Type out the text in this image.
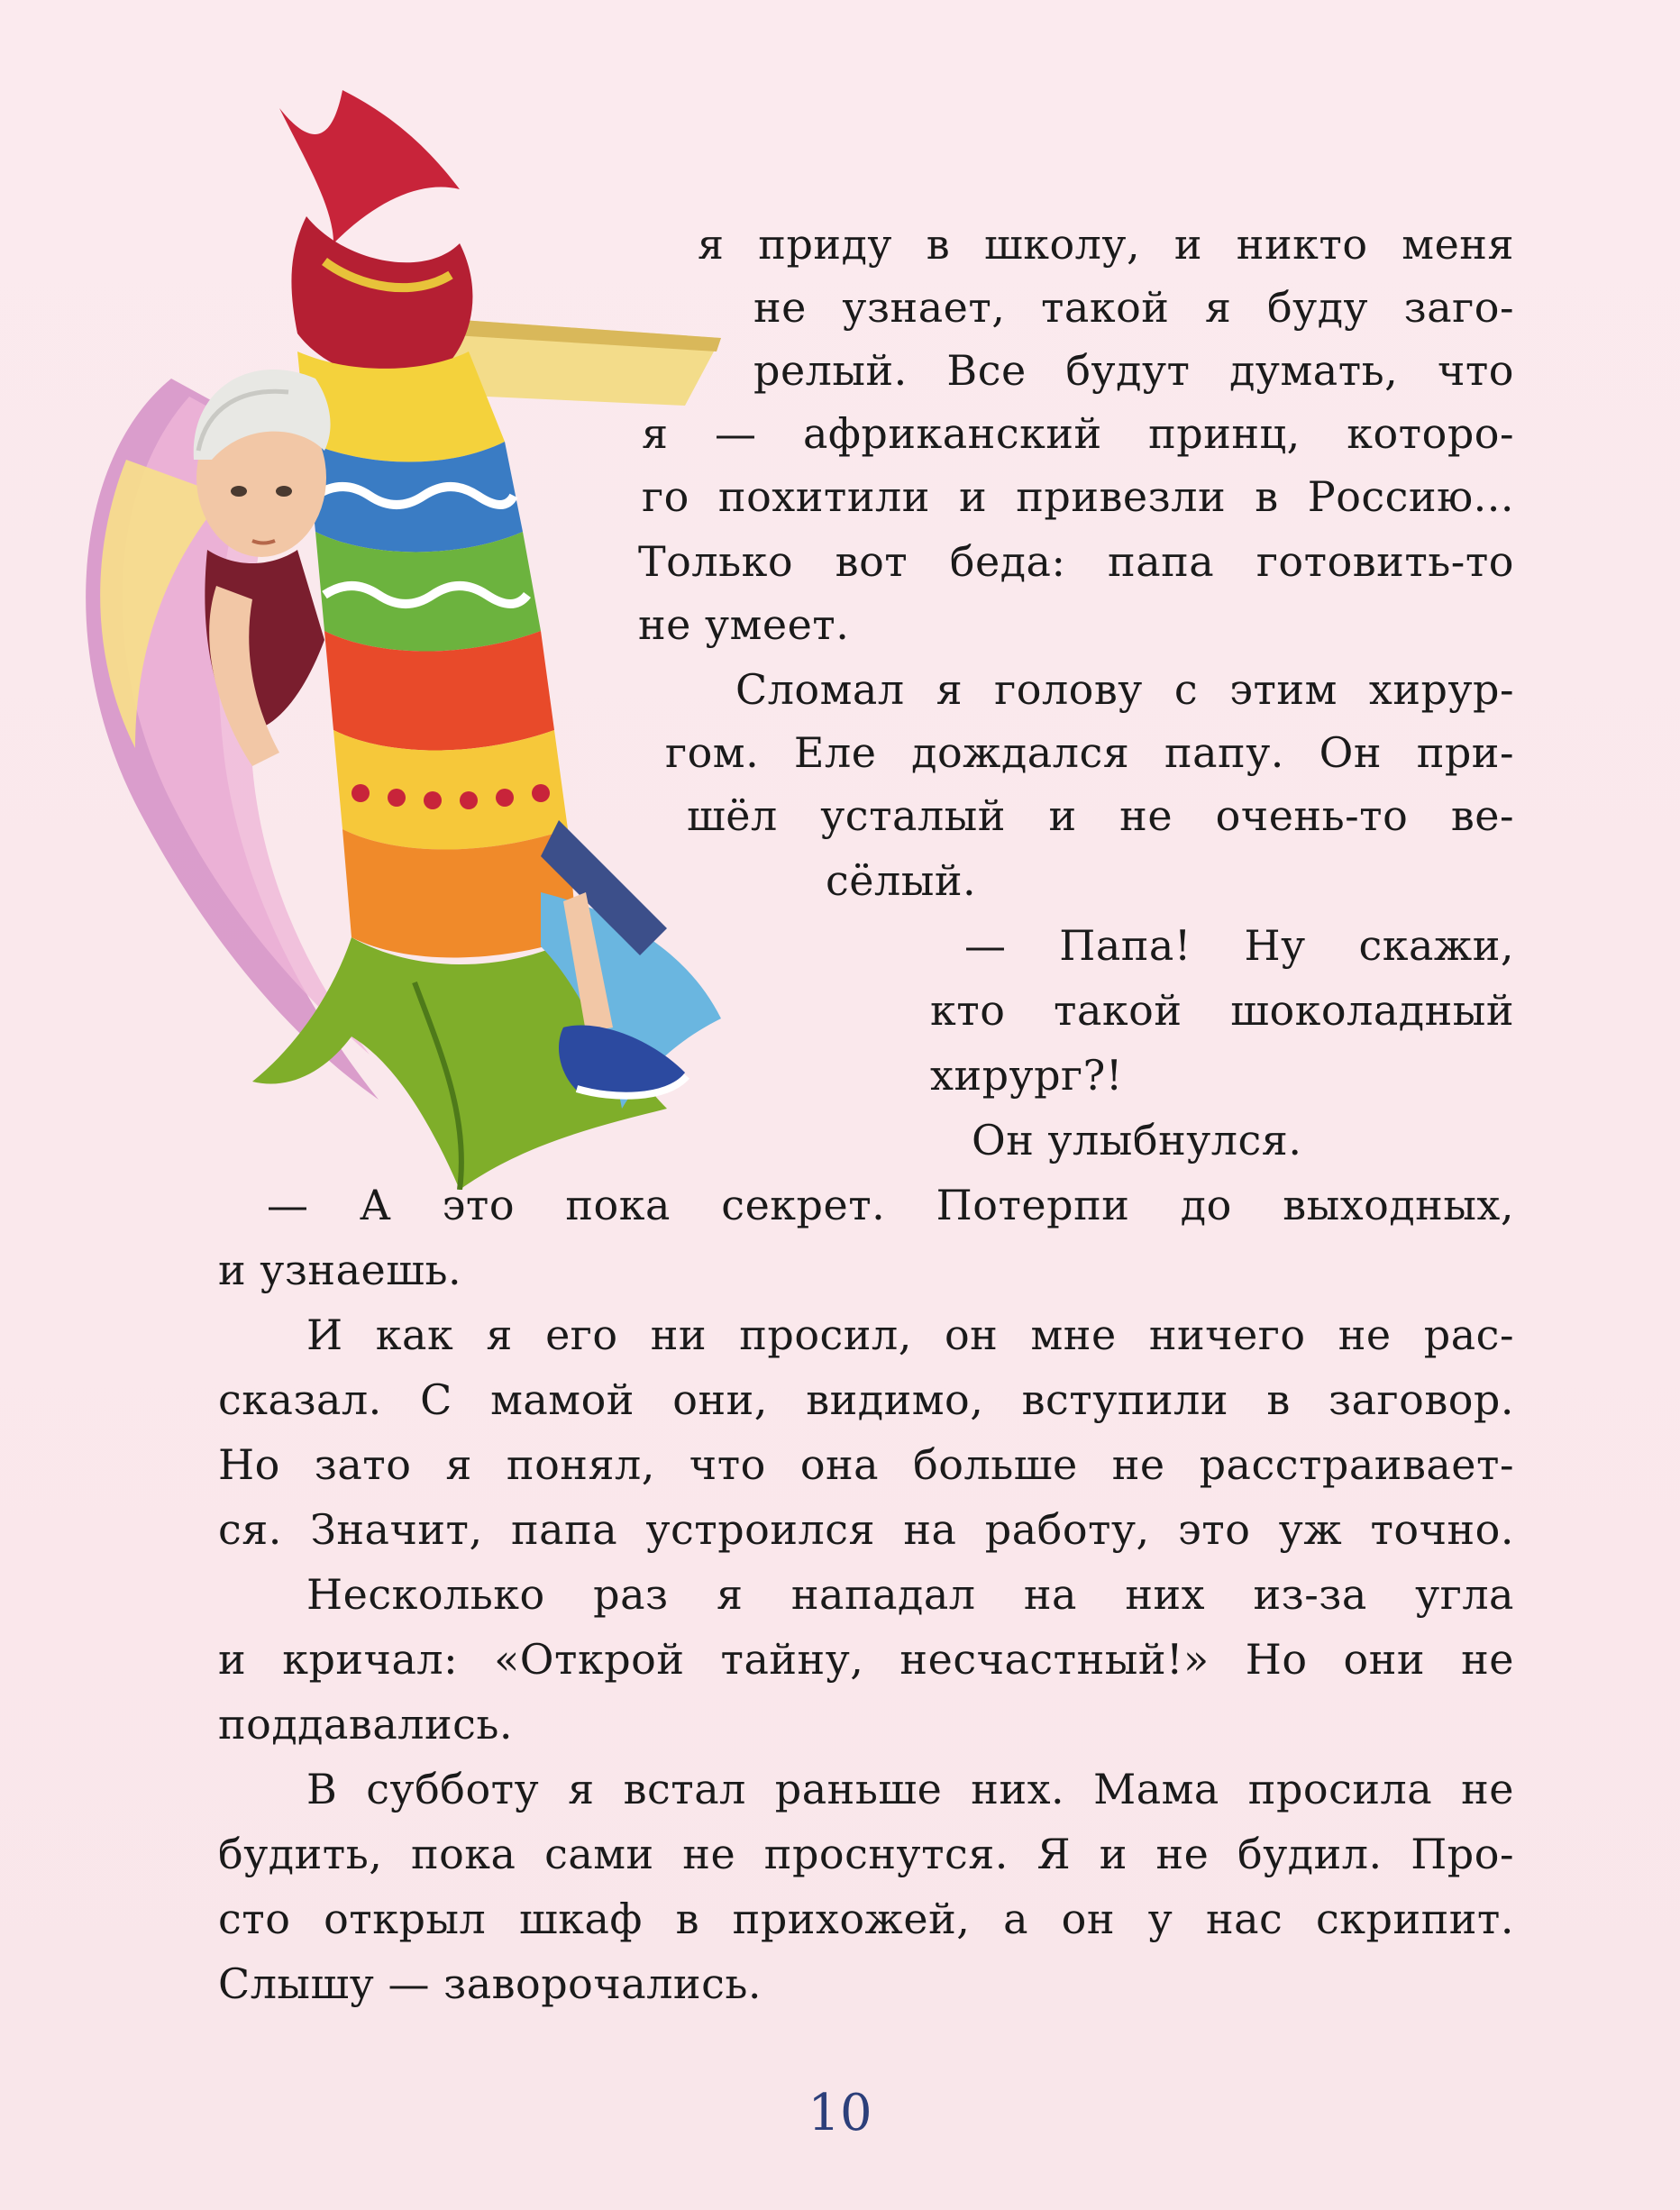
я приду в школу, и никто меня
не узнает, такой я буду заго-
релый. Все будут думать, что
я — африканский принц, которо-
го похитили и привезли в Россию...
Только вот беда: папа готовить-то
не умеет.
Сломал я голову с этим хирур-
гом. Еле дождался папу. Он при-
шёл усталый и не очень-то ве-
сёлый.
— Папа! Ну скажи,
кто такой шоколадный
хирург?!
Он улыбнулся.
— А это пока секрет. Потерпи до выходных,
и узнаешь.
И как я его ни просил, он мне ничего не рас-
сказал. С мамой они, видимо, вступили в заговор.
Но зато я понял, что она больше не расстраивает-
ся. Значит, папа устроился на работу, это уж точно.
Несколько раз я нападал на них из-за угла
и кричал: «Открой тайну, несчастный!» Но они не
поддавались.
В субботу я встал раньше них. Мама просила не
будить, пока сами не проснутся. Я и не будил. Про-
сто открыл шкаф в прихожей, а он у нас скрипит.
Слышу — заворочались.
10
